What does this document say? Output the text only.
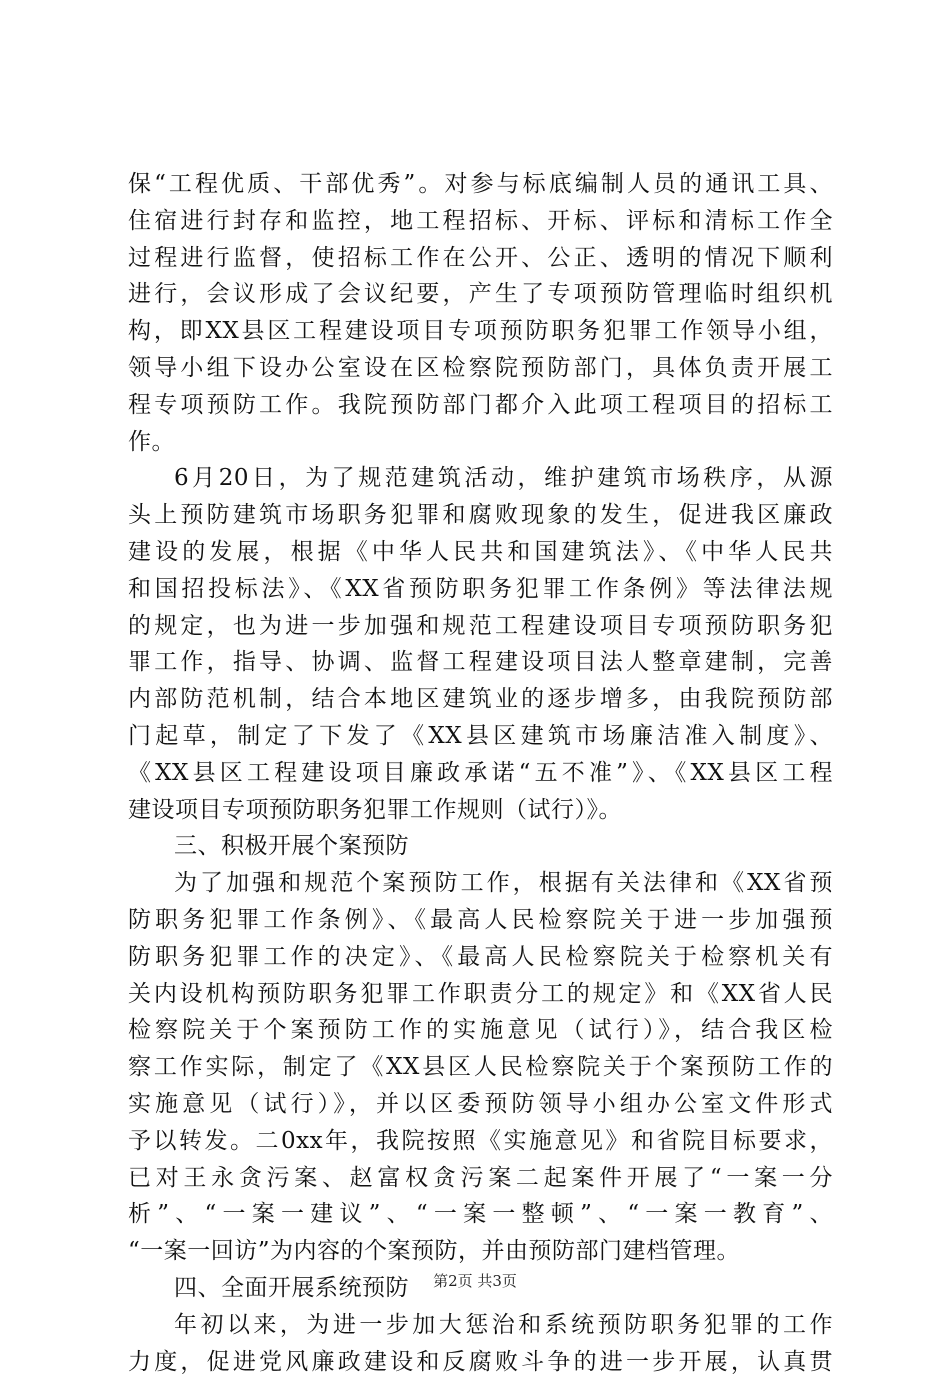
保“工程优质、干部优秀”。对参与标底编制人员的通讯工具、
住宿进行封存和监控，地工程招标、开标、评标和清标工作全
过程进行监督，使招标工作在公开、公正、透明的情况下顺利
进行，会议形成了会议纪要，产生了专项预防管理临时组织机
构，即XX县区工程建设项目专项预防职务犯罪工作领导小组，
领导小组下设办公室设在区检察院预防部门，具体负责开展工
程专项预防工作。我院预防部门都介入此项工程项目的招标工
作。
6月20日，为了规范建筑活动，维护建筑市场秩序，从源
头上预防建筑市场职务犯罪和腐败现象的发生，促进我区廉政
建设的发展，根据《中华人民共和国建筑法》、《中华人民共
和国招投标法》、《XX省预防职务犯罪工作条例》等法律法规
的规定，也为进一步加强和规范工程建设项目专项预防职务犯
罪工作，指导、协调、监督工程建设项目法人整章建制，完善
内部防范机制，结合本地区建筑业的逐步增多，由我院预防部
门起草，制定了下发了《XX县区建筑市场廉洁准入制度》、
《XX县区工程建设项目廉政承诺“五不准”》、《XX县区工程
建设项目专项预防职务犯罪工作规则（试行）》。
三、积极开展个案预防
为了加强和规范个案预防工作，根据有关法律和《XX省预
防职务犯罪工作条例》、《最高人民检察院关于进一步加强预
防职务犯罪工作的决定》、《最高人民检察院关于检察机关有
关内设机构预防职务犯罪工作职责分工的规定》和《XX省人民
检察院关于个案预防工作的实施意见（试行）》，结合我区检
察工作实际，制定了《XX县区人民检察院关于个案预防工作的
实施意见（试行）》，并以区委预防领导小组办公室文件形式
予以转发。二0xx年，我院按照《实施意见》和省院目标要求，
已对王永贪污案、赵富权贪污案二起案件开展了“一案一分
析”、“一案一建议”、“一案一整顿”、“一案一教育”、
“一案一回访”为内容的个案预防，并由预防部门建档管理。
四、全面开展系统预防
年初以来，为进一步加大惩治和系统预防职务犯罪的工作
力度，促进党风廉政建设和反腐败斗争的进一步开展，认真贯
第2页 共3页
